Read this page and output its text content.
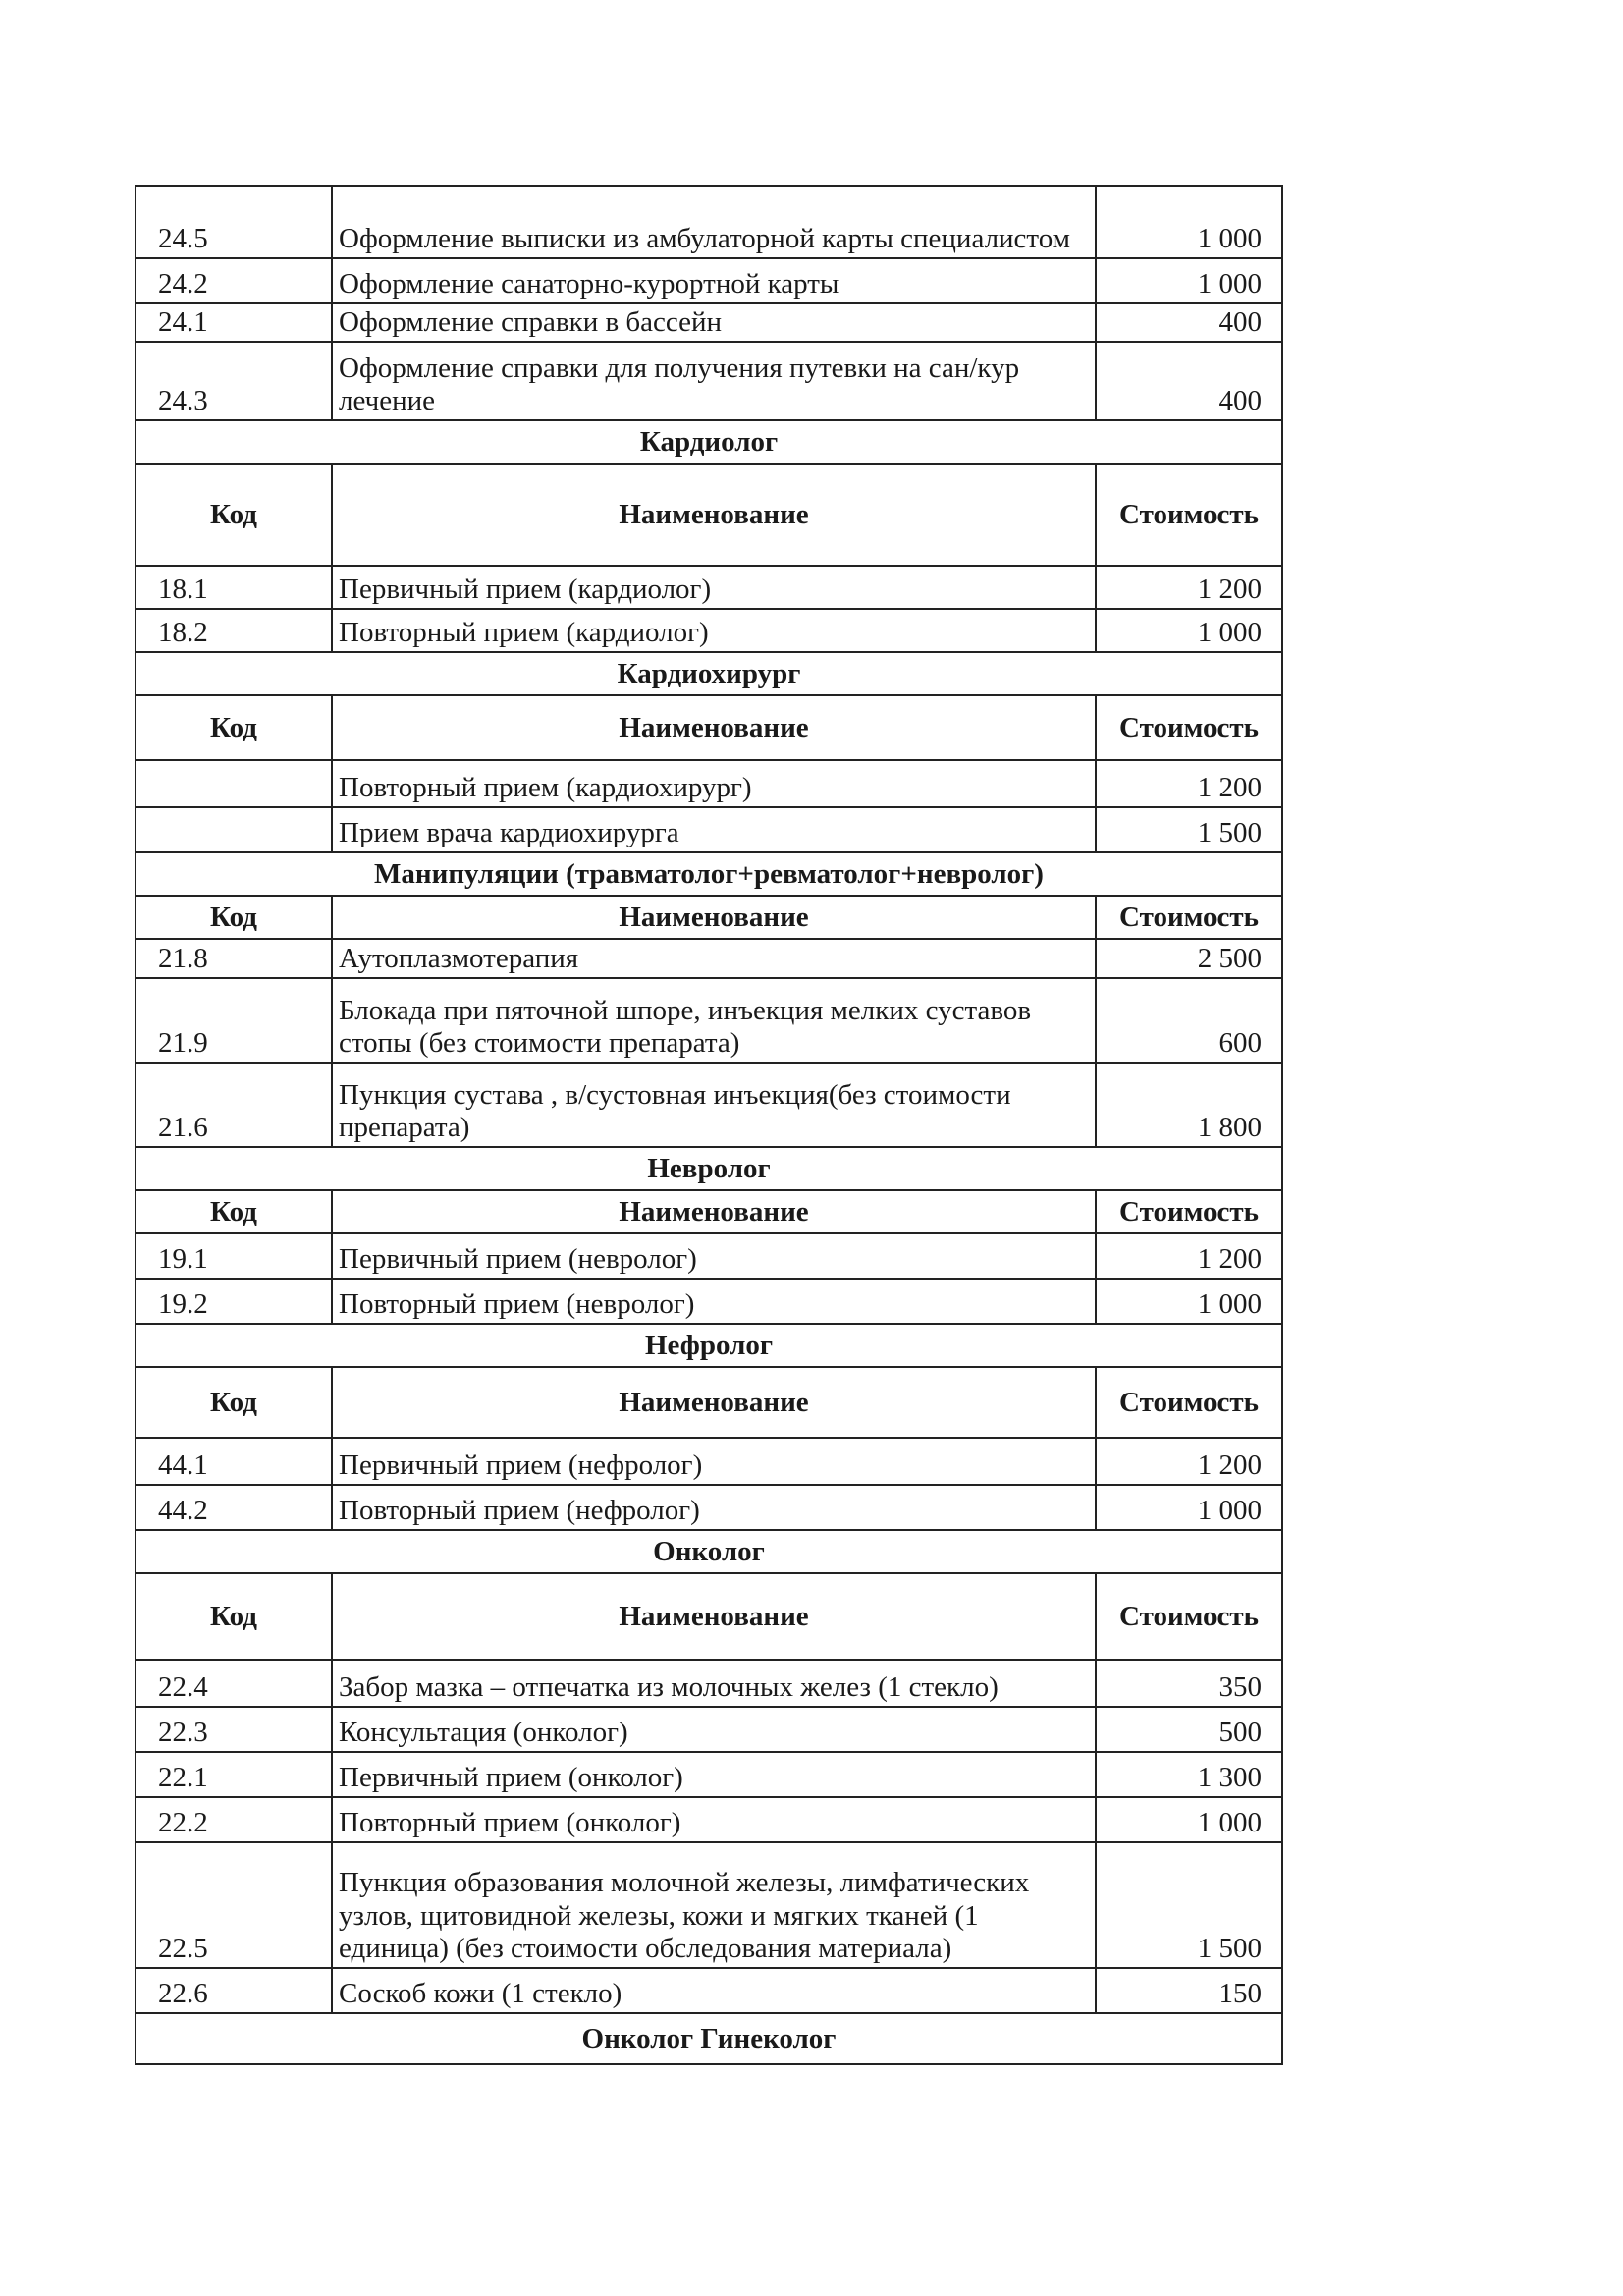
24.5	Оформление выписки из амбулаторной карты специалистом	1 000
24.2	Оформление санаторно-курортной карты	1 000
24.1	Оформление справки в бассейн	400
24.3	Оформление справки для получения путевки на сан/кур лечение	400
Кардиолог		
Код	Наименование	Стоимость
18.1	Первичный прием (кардиолог)	1 200
18.2	Повторный прием (кардиолог)	1 000
Кардиохирург		
Код	Наименование	Стоимость
	Повторный прием (кардиохирург)	1 200
	Прием врача кардиохирурга	1 500
Манипуляции (травматолог+ревматолог+невролог)		
Код	Наименование	Стоимость
21.8	Аутоплазмотерапия	2 500
21.9	Блокада при пяточной шпоре, инъекция мелких суставов стопы (без стоимости препарата)	600
21.6	Пункция сустава , в/сустовная инъекция(без стоимости препарата)	1 800
Невролог		
Код	Наименование	Стоимость
19.1	Первичный прием (невролог)	1 200
19.2	Повторный прием (невролог)	1 000
Нефролог		
Код	Наименование	Стоимость
44.1	Первичный прием (нефролог)	1 200
44.2	Повторный прием (нефролог)	1 000
Онколог		
Код	Наименование	Стоимость
22.4	Забор мазка – отпечатка из молочных желез (1 стекло)	350
22.3	Консультация (онколог)	500
22.1	Первичный прием (онколог)	1 300
22.2	Повторный прием (онколог)	1 000
22.5	Пункция образования молочной железы, лимфатических узлов, щитовидной железы, кожи и мягких тканей (1 единица) (без стоимости обследования материала)	1 500
22.6	Соскоб кожи (1 стекло)	150
Онколог Гинеколог		
